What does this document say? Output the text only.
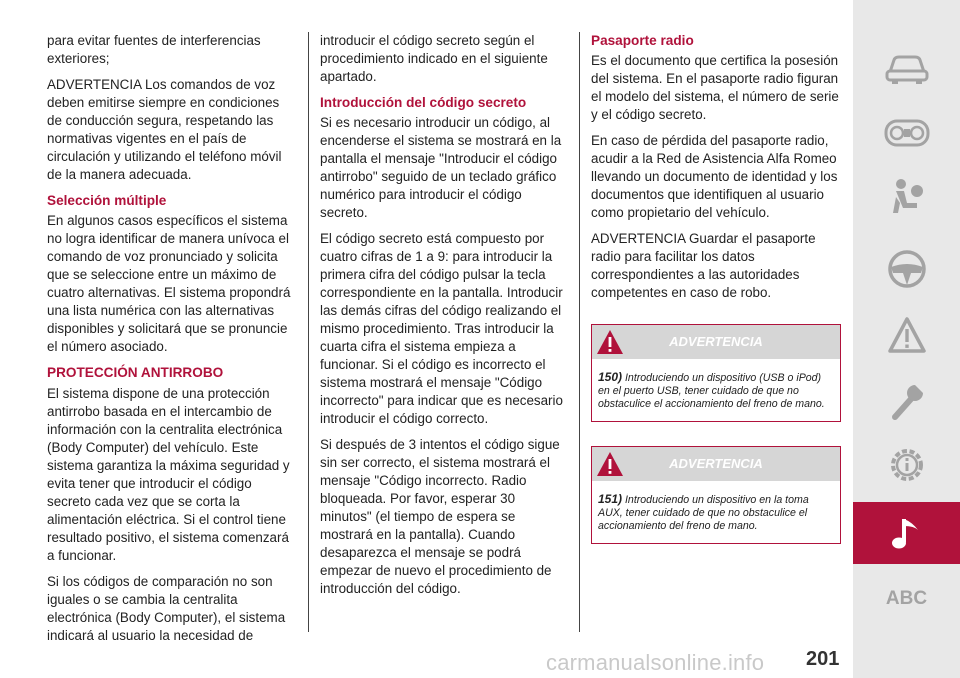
para evitar fuentes de interferencias exteriores;

ADVERTENCIA Los comandos de voz deben emitirse siempre en condiciones de conducción segura, respetando las normativas vigentes en el país de circulación y utilizando el teléfono móvil de la manera adecuada.

Selección múltiple

En algunos casos específicos el sistema no logra identificar de manera unívoca el comando de voz pronunciado y solicita que se seleccione entre un máximo de cuatro alternativas. El sistema propondrá una lista numérica con las alternativas disponibles y solicitará que se pronuncie el número asociado.

PROTECCIÓN ANTIRROBO

El sistema dispone de una protección antirrobo basada en el intercambio de información con la centralita electrónica (Body Computer) del vehículo. Este sistema garantiza la máxima seguridad y evita tener que introducir el código secreto cada vez que se corta la alimentación eléctrica. Si el control tiene resultado positivo, el sistema comenzará a funcionar.

Si los códigos de comparación no son iguales o se cambia la centralita electrónica (Body Computer), el sistema indicará al usuario la necesidad de

introducir el código secreto según el procedimiento indicado en el siguiente apartado.

Introducción del código secreto

Si es necesario introducir un código, al encenderse el sistema se mostrará en la pantalla el mensaje "Introducir el código antirrobo" seguido de un teclado gráfico numérico para introducir el código secreto.

El código secreto está compuesto por cuatro cifras de 1 a 9: para introducir la primera cifra del código pulsar la tecla correspondiente en la pantalla. Introducir las demás cifras del código realizando el mismo procedimiento. Tras introducir la cuarta cifra el sistema empieza a funcionar. Si el código es incorrecto el sistema mostrará el mensaje "Código incorrecto" para indicar que es necesario introducir el código correcto.

Si después de 3 intentos el código sigue sin ser correcto, el sistema mostrará el mensaje "Código incorrecto. Radio bloqueada. Por favor, esperar 30 minutos" (el tiempo de espera se mostrará en la pantalla). Cuando desaparezca el mensaje se podrá empezar de nuevo el procedimiento de introducción del código.

Pasaporte radio

Es el documento que certifica la posesión del sistema. En el pasaporte radio figuran el modelo del sistema, el número de serie y el código secreto.

En caso de pérdida del pasaporte radio, acudir a la Red de Asistencia Alfa Romeo llevando un documento de identidad y los documentos que identifiquen al usuario como propietario del vehículo.

ADVERTENCIA Guardar el pasaporte radio para facilitar los datos correspondientes a las autoridades competentes en caso de robo.

ADVERTENCIA
150) Introduciendo un dispositivo (USB o iPod) en el puerto USB, tener cuidado de que no obstaculice el accionamiento del freno de mano.
ADVERTENCIA
151) Introduciendo un dispositivo en la toma AUX, tener cuidado de que no obstaculice el accionamiento del freno de mano.
ABC
carmanualsonline.info 201
